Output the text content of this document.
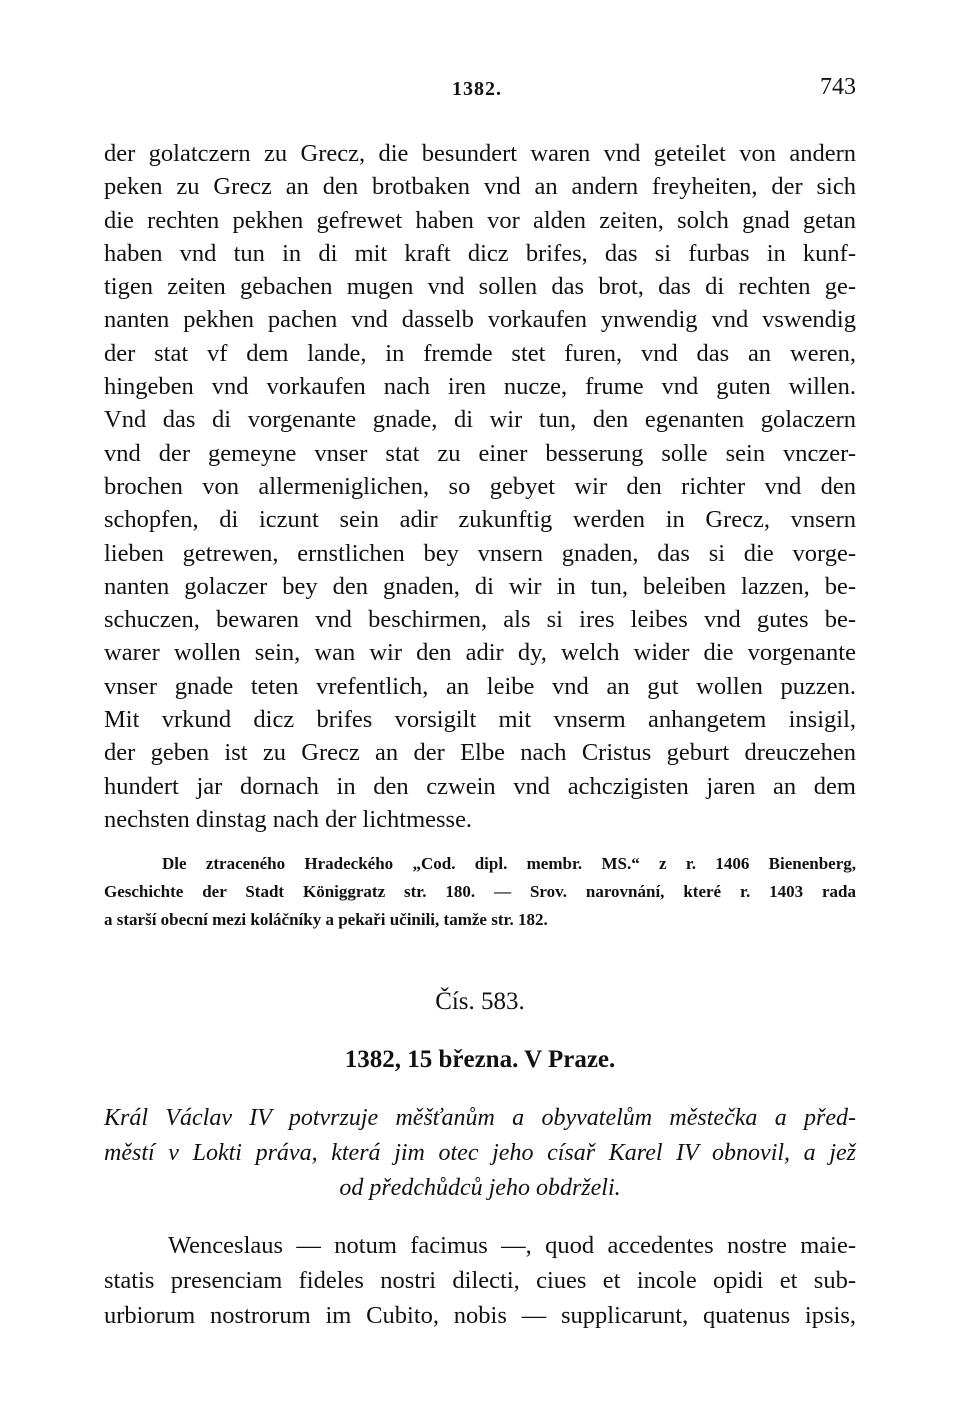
1382.	743
der golatczern zu Grecz, die besundert waren vnd geteilet von andern
peken zu Grecz an den brotbaken vnd an andern freyheiten, der sich
die rechten pekhen gefrewet haben vor alden zeiten, solch gnad getan
haben vnd tun in di mit kraft dicz brifes, das si furbas in kunf-
tigen zeiten gebachen mugen vnd sollen das brot, das di rechten ge-
nanten pekhen pachen vnd dasselb vorkaufen ynwendig vnd vswendig
der stat vf dem lande, in fremde stet furen, vnd das an weren,
hingeben vnd vorkaufen nach iren nucze, frume vnd guten willen.
Vnd das di vorgenante gnade, di wir tun, den egenanten golaczern
vnd der gemeyne vnser stat zu einer besserung solle sein vnczer-
brochen von allermeniglichen, so gebyet wir den richter vnd den
schopfen, di iczunt sein adir zukunftig werden in Grecz, vnsern
lieben getrewen, ernstlichen bey vnsern gnaden, das si die vorge-
nanten golaczer bey den gnaden, di wir in tun, beleiben lazzen, be-
schuczen, bewaren vnd beschirmen, als si ires leibes vnd gutes be-
warer wollen sein, wan wir den adir dy, welch wider die vorgenante
vnser gnade teten vrefentlich, an leibe vnd an gut wollen puzzen.
Mit vrkund dicz brifes vorsigilt mit vnserm anhangetem insigil,
der geben ist zu Grecz an der Elbe nach Cristus geburt dreuczehen
hundert jar dornach in den czwein vnd achczigisten jaren an dem
nechsten dinstag nach der lichtmesse.
Dle ztraceného Hradeckého „Cod. dipl. membr. MS.“ z r. 1406 Bienenberg,
Geschichte der Stadt Königgratz str. 180. — Srov. narovnání, které r. 1403 rada
a starší obecní mezi koláčníky a pekaři učinili, tamže str. 182.
Čís. 583.
1382, 15 března. V Praze.
Král Václav IV potvrzuje měšťanům a obyvatelům městečka a před-
městí v Lokti práva, která jim otec jeho císař Karel IV obnovil, a jež
od předchůdců jeho obdrželi.
Wenceslaus — notum facimus —, quod accedentes nostre maie-
statis presenciam fideles nostri dilecti, ciues et incole opidi et sub-
urbiorum nostrorum im Cubito, nobis — supplicarunt, quatenus ipsis,
